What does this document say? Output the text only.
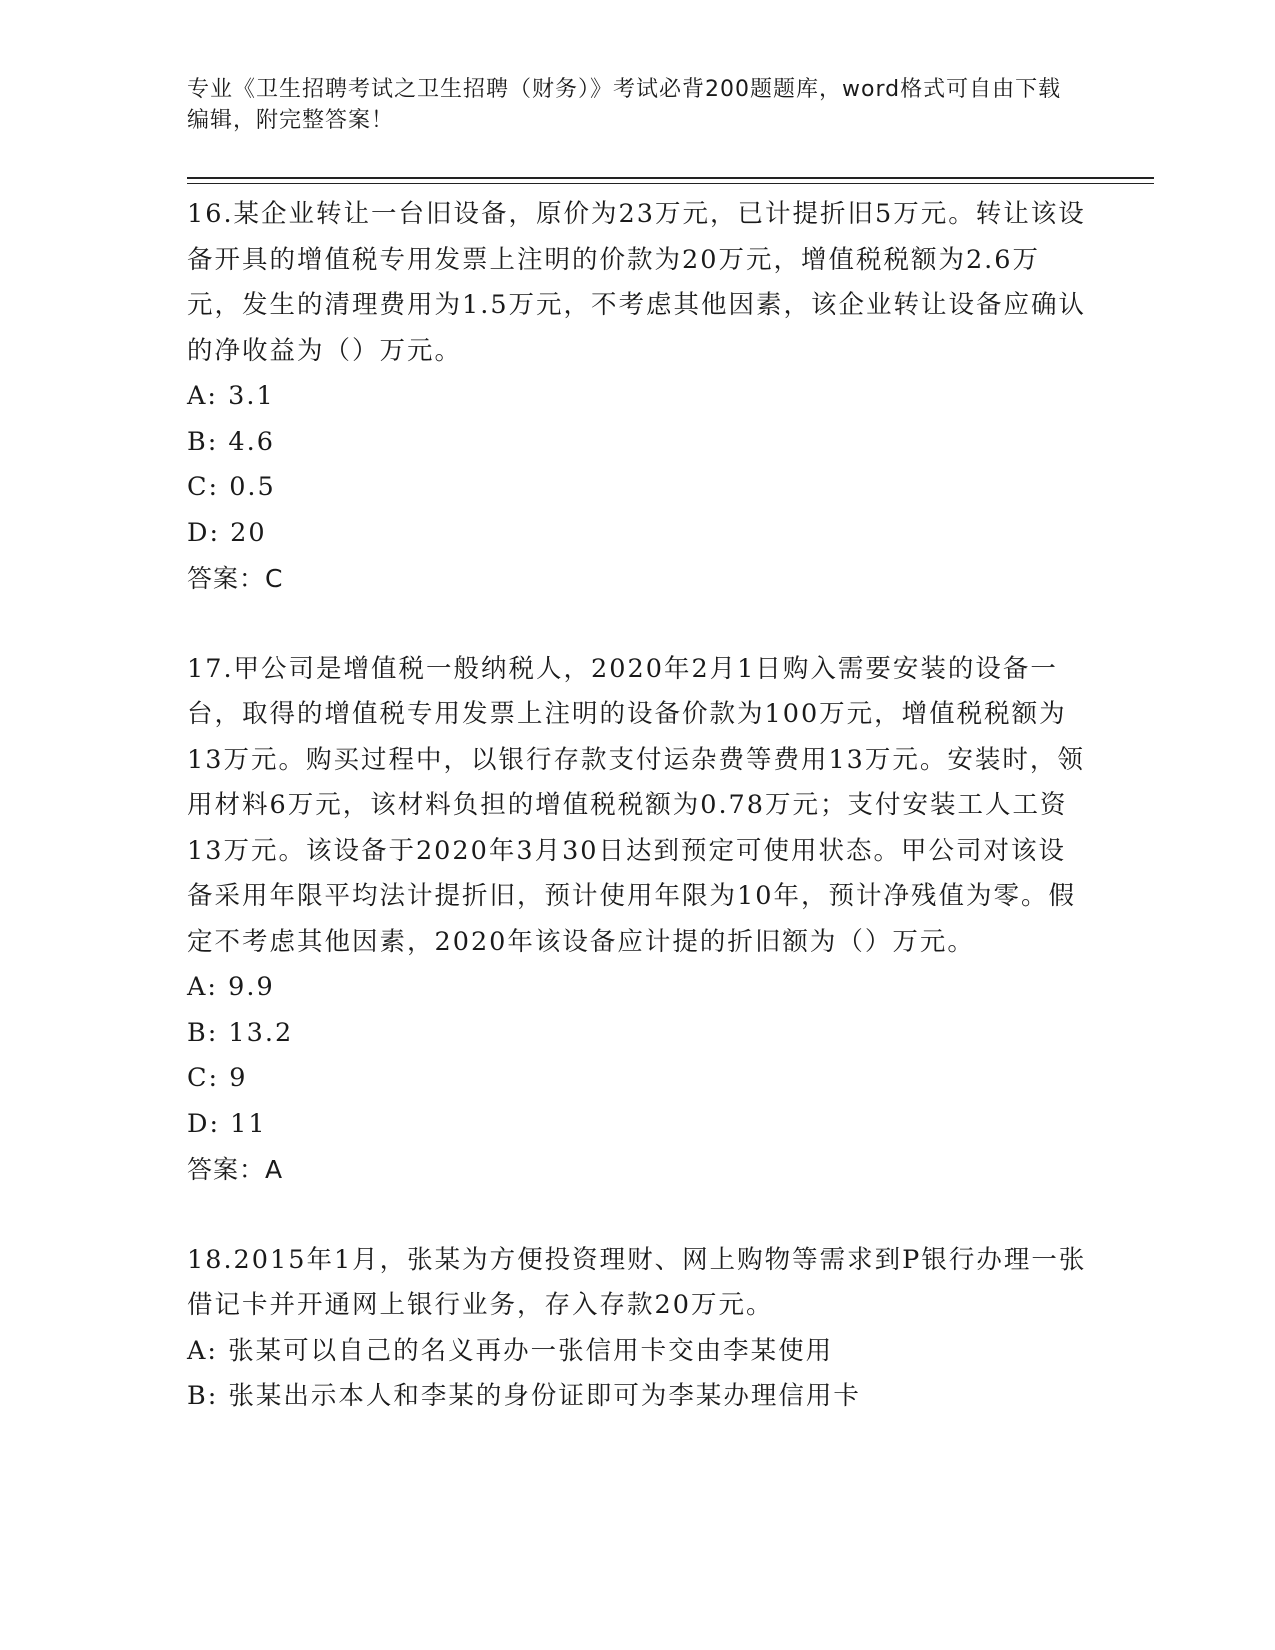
专业《卫生招聘考试之卫生招聘（财务）》考试必背200题题库，word格式可自由下载编辑，附完整答案！
16.某企业转让一台旧设备，原价为23万元，已计提折旧5万元。转让该设备开具的增值税专用发票上注明的价款为20万元，增值税税额为2.6万元，发生的清理费用为1.5万元，不考虑其他因素，该企业转让设备应确认的净收益为（）万元。
A: 3.1
B: 4.6
C: 0.5
D: 20
答案：C
17.甲公司是增值税一般纳税人，2020年2月1日购入需要安装的设备一台，取得的增值税专用发票上注明的设备价款为100万元，增值税税额为13万元。购买过程中，以银行存款支付运杂费等费用13万元。安装时，领用材料6万元，该材料负担的增值税税额为0.78万元；支付安装工人工资13万元。该设备于2020年3月30日达到预定可使用状态。甲公司对该设备采用年限平均法计提折旧，预计使用年限为10年，预计净残值为零。假定不考虑其他因素，2020年该设备应计提的折旧额为（）万元。
A: 9.9
B: 13.2
C: 9
D: 11
答案：A
18.2015年1月，张某为方便投资理财、网上购物等需求到P银行办理一张借记卡并开通网上银行业务，存入存款20万元。
A: 张某可以自己的名义再办一张信用卡交由李某使用
B: 张某出示本人和李某的身份证即可为李某办理信用卡
